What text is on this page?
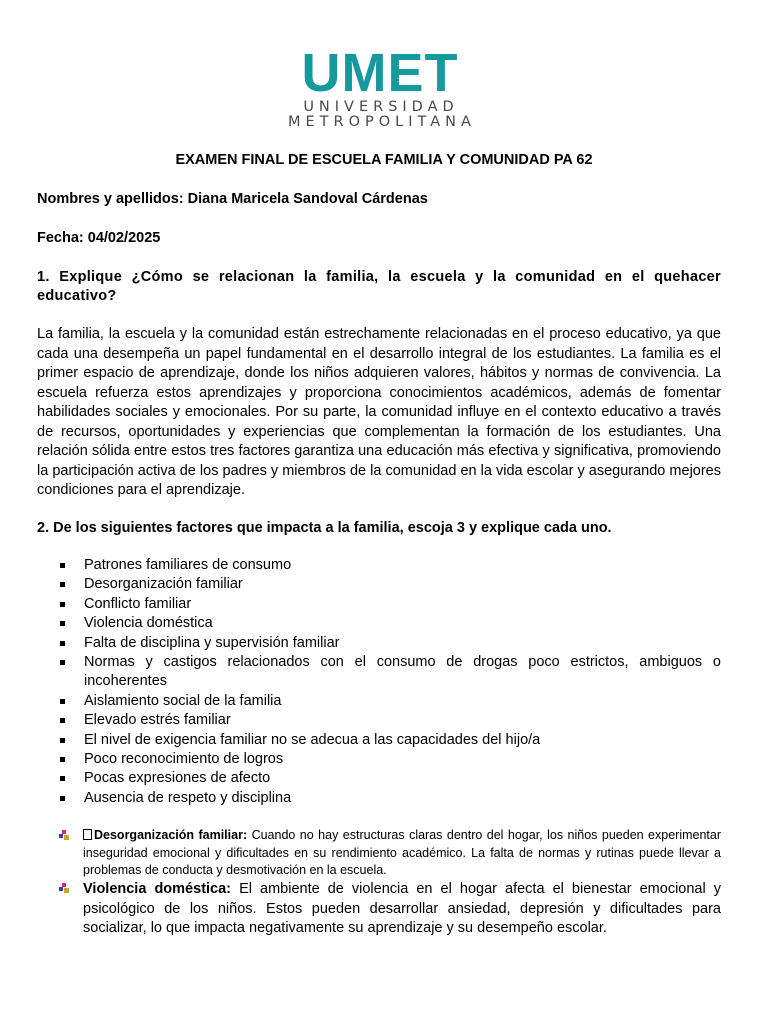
UMET
UNIVERSIDAD
METROPOLITANA
EXAMEN FINAL DE ESCUELA FAMILIA Y COMUNIDAD PA 62
Nombres y apellidos: Diana Maricela Sandoval Cárdenas
Fecha: 04/02/2025
1. Explique ¿Cómo se relacionan la familia, la escuela y la comunidad en el quehacer educativo?
La familia, la escuela y la comunidad están estrechamente relacionadas en el proceso educativo, ya que cada una desempeña un papel fundamental en el desarrollo integral de los estudiantes. La familia es el primer espacio de aprendizaje, donde los niños adquieren valores, hábitos y normas de convivencia. La escuela refuerza estos aprendizajes y proporciona conocimientos académicos, además de fomentar habilidades sociales y emocionales. Por su parte, la comunidad influye en el contexto educativo a través de recursos, oportunidades y experiencias que complementan la formación de los estudiantes. Una relación sólida entre estos tres factores garantiza una educación más efectiva y significativa, promoviendo la participación activa de los padres y miembros de la comunidad en la vida escolar y asegurando mejores condiciones para el aprendizaje.
2. De los siguientes factores que impacta a la familia, escoja 3 y explique cada uno.
Patrones familiares de consumo
Desorganización familiar
Conflicto familiar
Violencia doméstica
Falta de disciplina y supervisión familiar
Normas y castigos relacionados con el consumo de drogas poco estrictos, ambiguos o incoherentes
Aislamiento social de la familia
Elevado estrés familiar
El nivel de exigencia familiar no se adecua a las capacidades del hijo/a
Poco reconocimiento de logros
Pocas expresiones de afecto
Ausencia de respeto y disciplina
Desorganización familiar: Cuando no hay estructuras claras dentro del hogar, los niños pueden experimentar inseguridad emocional y dificultades en su rendimiento académico. La falta de normas y rutinas puede llevar a problemas de conducta y desmotivación en la escuela.
Violencia doméstica: El ambiente de violencia en el hogar afecta el bienestar emocional y psicológico de los niños. Estos pueden desarrollar ansiedad, depresión y dificultades para socializar, lo que impacta negativamente su aprendizaje y su desempeño escolar.
